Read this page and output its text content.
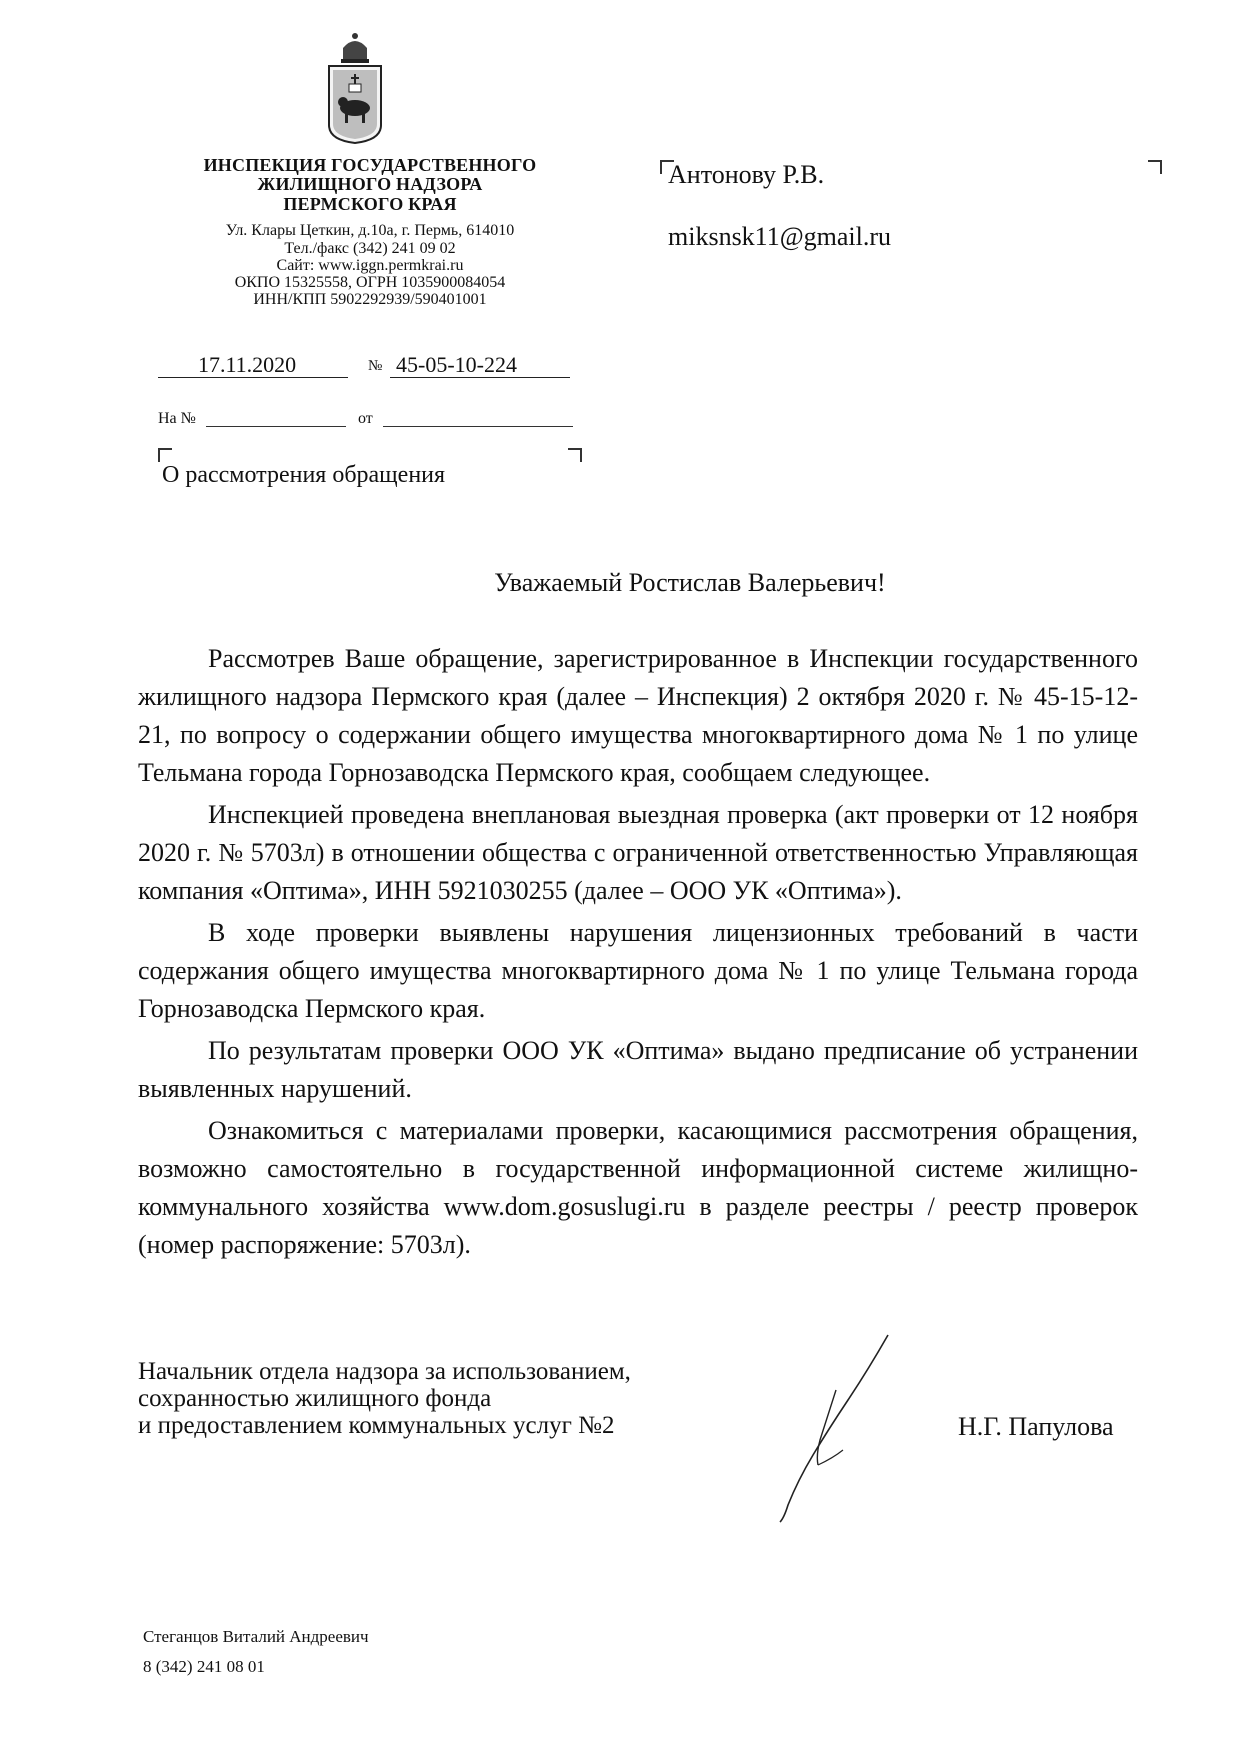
ИНСПЕКЦИЯ ГОСУДАРСТВЕННОГО
ЖИЛИЩНОГО НАДЗОРА
ПЕРМСКОГО КРАЯ
Ул. Клары Цеткин, д.10а, г. Пермь, 614010
Тел./факс (342) 241 09 02
Сайт: www.iggn.permkrai.ru
ОКПО 15325558, ОГРН 1035900084054
ИНН/КПП 5902292939/590401001
17.11.2020	№ 45-05-10-224
На №	от
О рассмотрения обращения
Антонову Р.В.
miksnsk11@gmail.ru
Уважаемый Ростислав Валерьевич!

Рассмотрев Ваше обращение, зарегистрированное в Инспекции государственного жилищного надзора Пермского края (далее – Инспекция) 2 октября 2020 г. № 45-15-12-21, по вопросу о содержании общего имущества многоквартирного дома № 1 по улице Тельмана города Горнозаводска Пермского края, сообщаем следующее.

Инспекцией проведена внеплановая выездная проверка (акт проверки от 12 ноября 2020 г. № 5703л) в отношении общества с ограниченной ответственностью Управляющая компания «Оптима», ИНН 5921030255 (далее – ООО УК «Оптима»).

В ходе проверки выявлены нарушения лицензионных требований в части содержания общего имущества многоквартирного дома № 1 по улице Тельмана города Горнозаводска Пермского края.

По результатам проверки ООО УК «Оптима» выдано предписание об устранении выявленных нарушений.

Ознакомиться с материалами проверки, касающимися рассмотрения обращения, возможно самостоятельно в государственной информационной системе жилищно-коммунального хозяйства www.dom.gosuslugi.ru в разделе реестры / реестр проверок (номер распоряжение: 5703л).

Начальник отдела надзора за использованием,
сохранностью жилищного фонда
и предоставлением коммунальных услуг №2	Н.Г. Папулова
Стеганцов Виталий Андреевич
8 (342) 241 08 01
